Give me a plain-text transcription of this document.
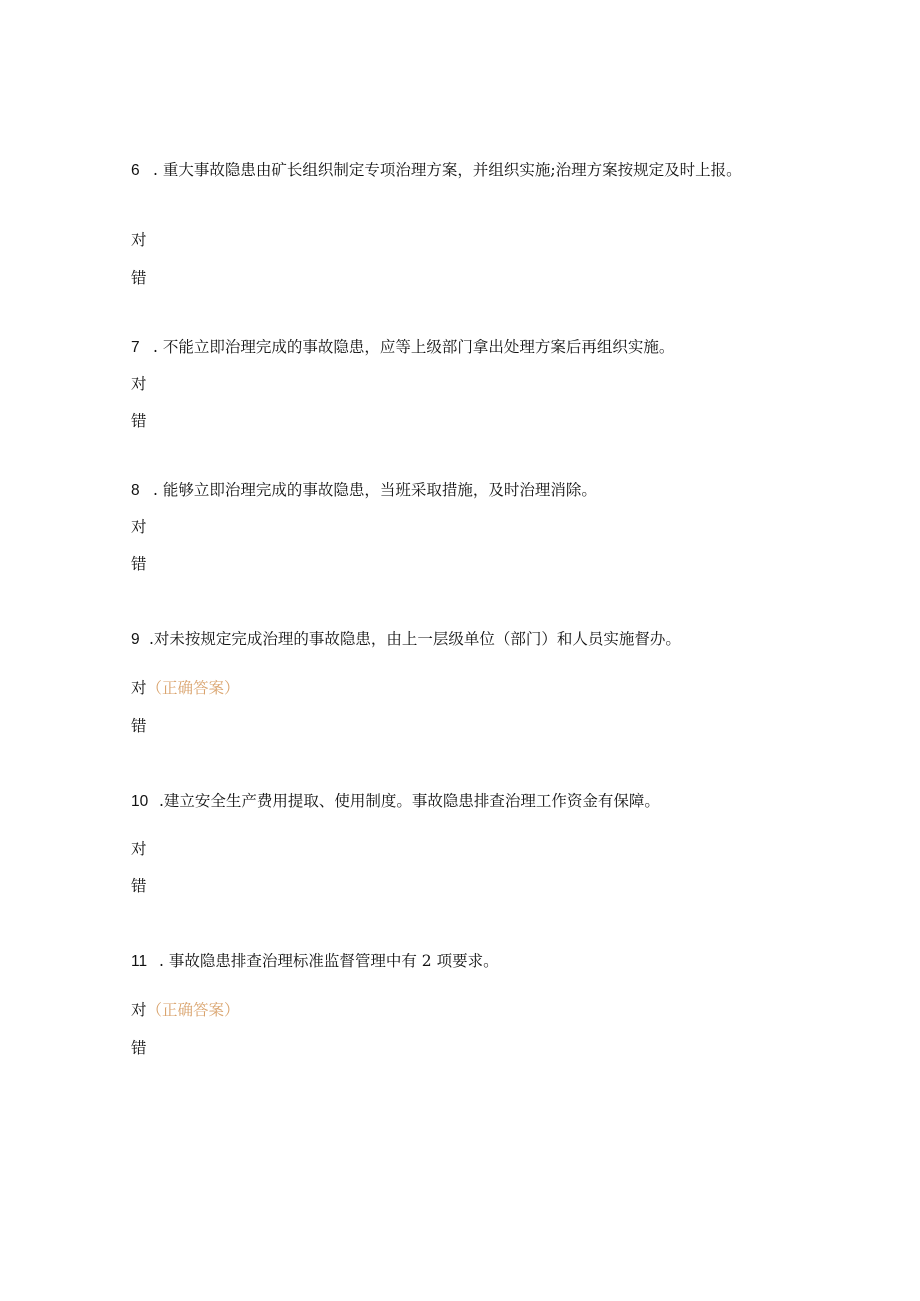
6 . 重大事故隐患由矿长组织制定专项治理方案，并组织实施;治理方案按规定及时上报。
对
错
7 . 不能立即治理完成的事故隐患，应等上级部门拿出处理方案后再组织实施。
对
错
8 . 能够立即治理完成的事故隐患，当班采取措施，及时治理消除。
对
错
9 .对未按规定完成治理的事故隐患，由上一层级单位（部门）和人员实施督办。
对（正确答案）
错
10 .建立安全生产费用提取、使用制度。事故隐患排查治理工作资金有保障。
对
错
11 . 事故隐患排查治理标准监督管理中有 2 项要求。
对（正确答案）
错
